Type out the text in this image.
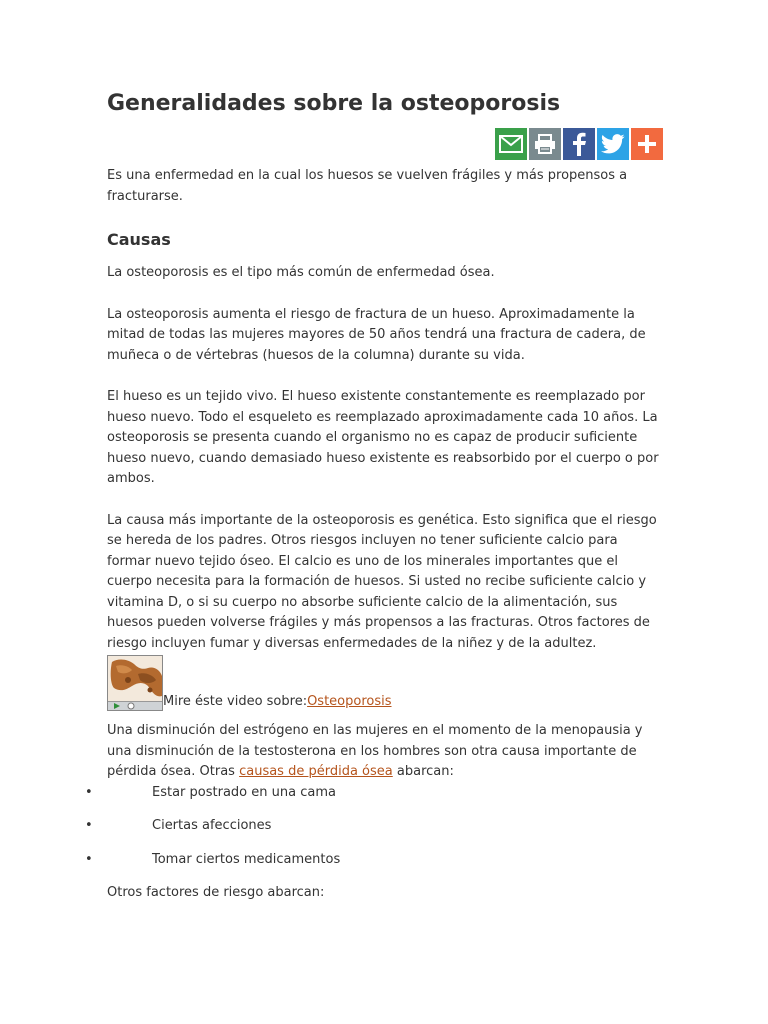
Generalidades sobre la osteoporosis

Es una enfermedad en la cual los huesos se vuelven frágiles y más propensos a fracturarse.

Causas

La osteoporosis es el tipo más común de enfermedad ósea.

La osteoporosis aumenta el riesgo de fractura de un hueso. Aproximadamente la mitad de todas las mujeres mayores de 50 años tendrá una fractura de cadera, de muñeca o de vértebras (huesos de la columna) durante su vida.

El hueso es un tejido vivo. El hueso existente constantemente es reemplazado por hueso nuevo. Todo el esqueleto es reemplazado aproximadamente cada 10 años. La osteoporosis se presenta cuando el organismo no es capaz de producir suficiente hueso nuevo, cuando demasiado hueso existente es reabsorbido por el cuerpo o por ambos.

La causa más importante de la osteoporosis es genética. Esto significa que el riesgo se hereda de los padres. Otros riesgos incluyen no tener suficiente calcio para formar nuevo tejido óseo. El calcio es uno de los minerales importantes que el cuerpo necesita para la formación de huesos. Si usted no recibe suficiente calcio y vitamina D, o si su cuerpo no absorbe suficiente calcio de la alimentación, sus huesos pueden volverse frágiles y más propensos a las fracturas. Otros factores de riesgo incluyen fumar y diversas enfermedades de la niñez y de la adultez.

Mire éste video sobre:Osteoporosis

Una disminución del estrógeno en las mujeres en el momento de la menopausia y una disminución de la testosterona en los hombres son otra causa importante de pérdida ósea. Otras causas de pérdida ósea abarcan:

•	Estar postrado en una cama
•	Ciertas afecciones
•	Tomar ciertos medicamentos

Otros factores de riesgo abarcan:
